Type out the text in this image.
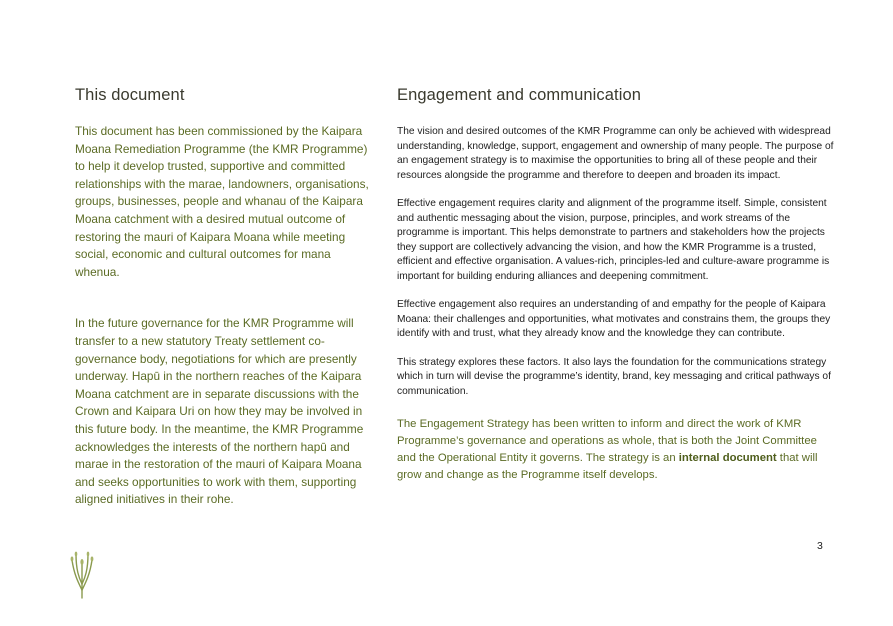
This document

This document has been commissioned by the Kaipara Moana Remediation Programme (the KMR Programme) to help it develop trusted, supportive and committed relationships with the marae, landowners, organisations, groups, businesses, people and whanau of the Kaipara Moana catchment with a desired mutual outcome of restoring the mauri of Kaipara Moana while meeting social, economic and cultural outcomes for mana whenua.

In the future governance for the KMR Programme will transfer to a new statutory Treaty settlement co-governance body, negotiations for which are presently underway. Hapū in the northern reaches of the Kaipara Moana catchment are in separate discussions with the Crown and Kaipara Uri on how they may be involved in this future body. In the meantime, the KMR Programme acknowledges the interests of the northern hapū and marae in the restoration of the mauri of Kaipara Moana and seeks opportunities to work with them, supporting aligned initiatives in their rohe.

Engagement and communication

The vision and desired outcomes of the KMR Programme can only be achieved with widespread understanding, knowledge, support, engagement and ownership of many people. The purpose of an engagement strategy is to maximise the opportunities to bring all of these people and their resources alongside the programme and therefore to deepen and broaden its impact.

Effective engagement requires clarity and alignment of the programme itself. Simple, consistent and authentic messaging about the vision, purpose, principles, and work streams of the programme is important. This helps demonstrate to partners and stakeholders how the projects they support are collectively advancing the vision, and how the KMR Programme is a trusted, efficient and effective organisation. A values-rich, principles-led and culture-aware programme is important for building enduring alliances and deepening commitment.

Effective engagement also requires an understanding of and empathy for the people of Kaipara Moana: their challenges and opportunities, what motivates and constrains them, the groups they identify with and trust, what they already know and the knowledge they can contribute.

This strategy explores these factors. It also lays the foundation for the communications strategy which in turn will devise the programme’s identity, brand, key messaging and critical pathways of communication.

The Engagement Strategy has been written to inform and direct the work of KMR Programme’s governance and operations as whole, that is both the Joint Committee and the Operational Entity it governs. The strategy is an internal document that will grow and change as the Programme itself develops.

3
